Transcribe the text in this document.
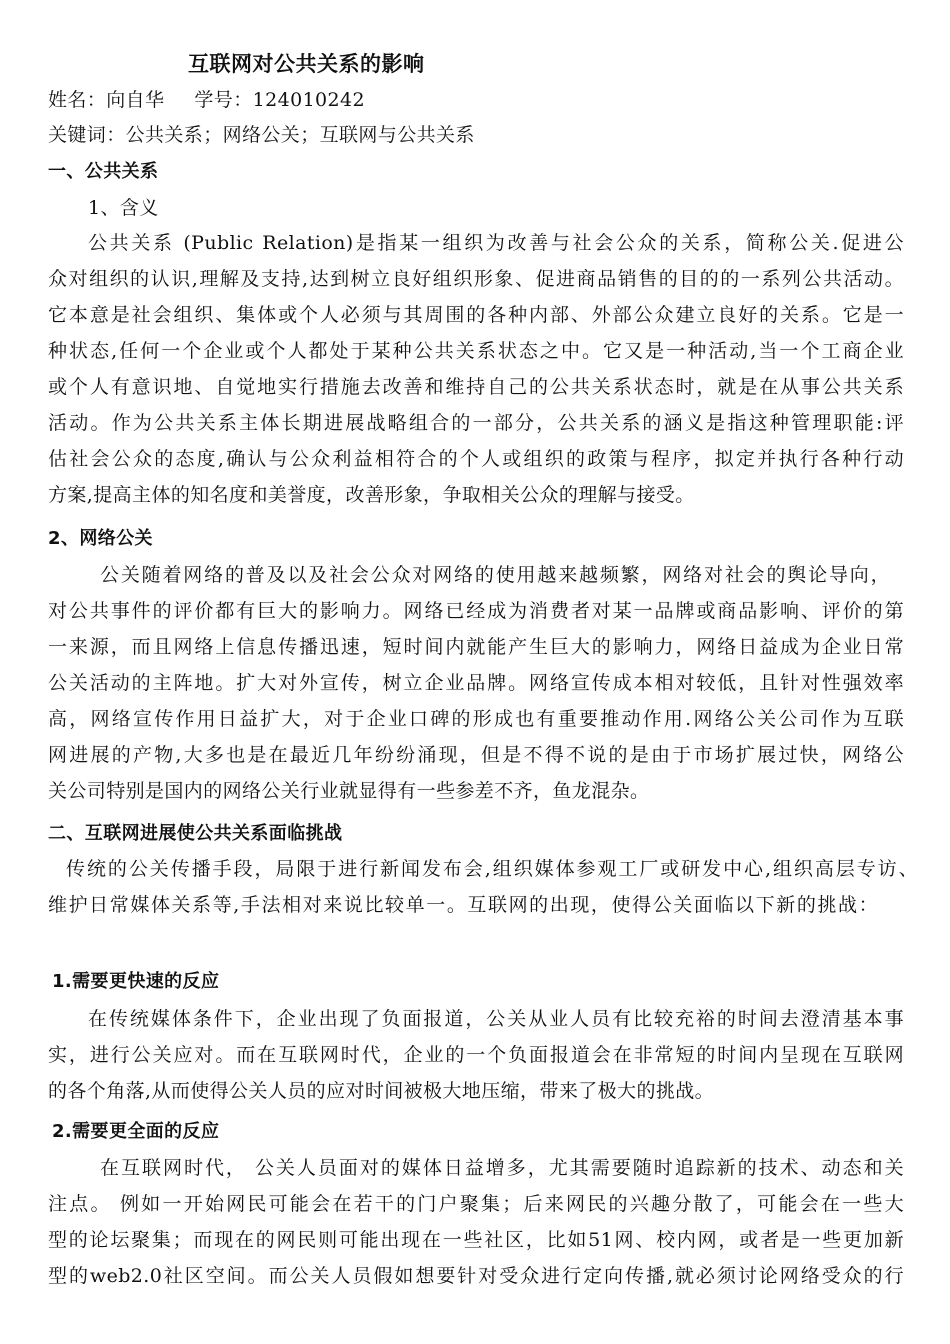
互联网对公共关系的影响
姓名：向自华 学号：124010242
关键词：公共关系；网络公关；互联网与公共关系
一、公共关系
1、含义
公共关系 (Public Relation)是指某一组织为改善与社会公众的关系，简称公关.促进公
众对组织的认识,理解及支持,达到树立良好组织形象、促进商品销售的目的的一系列公共活动。
它本意是社会组织、集体或个人必须与其周围的各种内部、外部公众建立良好的关系。它是一
种状态,任何一个企业或个人都处于某种公共关系状态之中。它又是一种活动,当一个工商企业
或个人有意识地、自觉地实行措施去改善和维持自己的公共关系状态时，就是在从事公共关系
活动。作为公共关系主体长期进展战略组合的一部分，公共关系的涵义是指这种管理职能:评
估社会公众的态度,确认与公众利益相符合的个人或组织的政策与程序，拟定并执行各种行动
方案,提高主体的知名度和美誉度，改善形象，争取相关公众的理解与接受。
2、网络公关
公关随着网络的普及以及社会公众对网络的使用越来越频繁，网络对社会的舆论导向，
对公共事件的评价都有巨大的影响力。网络已经成为消费者对某一品牌或商品影响、评价的第
一来源，而且网络上信息传播迅速，短时间内就能产生巨大的影响力，网络日益成为企业日常
公关活动的主阵地。扩大对外宣传，树立企业品牌。网络宣传成本相对较低，且针对性强效率
高，网络宣传作用日益扩大，对于企业口碑的形成也有重要推动作用.网络公关公司作为互联
网进展的产物,大多也是在最近几年纷纷涌现，但是不得不说的是由于市场扩展过快，网络公
关公司特别是国内的网络公关行业就显得有一些参差不齐，鱼龙混杂。
二、互联网进展使公共关系面临挑战
传统的公关传播手段，局限于进行新闻发布会,组织媒体参观工厂或研发中心,组织高层专访、
维护日常媒体关系等,手法相对来说比较单一。互联网的出现，使得公关面临以下新的挑战：
1.需要更快速的反应
在传统媒体条件下，企业出现了负面报道，公关从业人员有比较充裕的时间去澄清基本事
实，进行公关应对。而在互联网时代，企业的一个负面报道会在非常短的时间内呈现在互联网
的各个角落,从而使得公关人员的应对时间被极大地压缩，带来了极大的挑战。
2.需要更全面的反应
在互联网时代， 公关人员面对的媒体日益增多，尤其需要随时追踪新的技术、动态和关
注点。 例如一开始网民可能会在若干的门户聚集；后来网民的兴趣分散了，可能会在一些大
型的论坛聚集；而现在的网民则可能出现在一些社区，比如51网、校内网，或者是一些更加新
型的web2.0社区空间。而公关人员假如想要针对受众进行定向传播,就必须讨论网络受众的行
